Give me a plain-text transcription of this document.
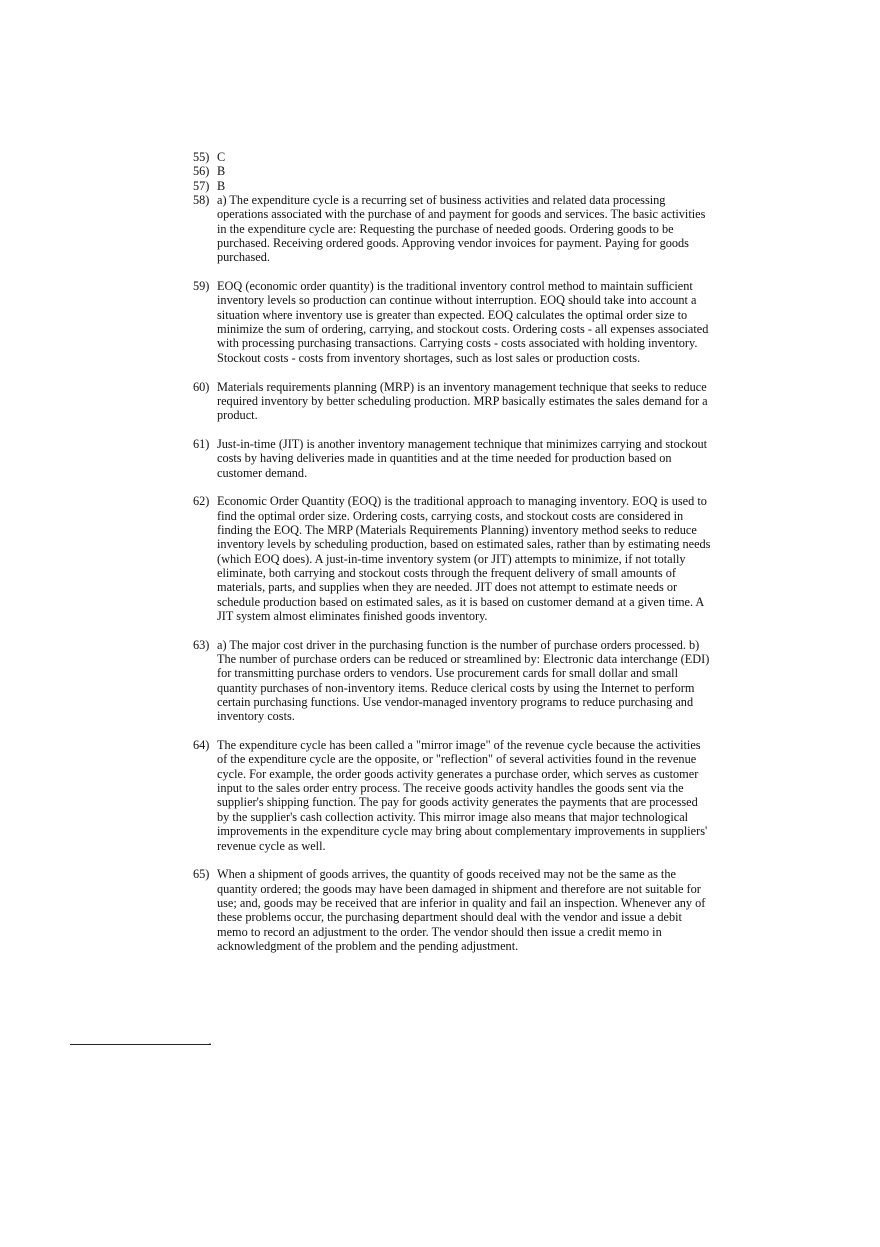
55) C
56) B
57) B
58) a) The expenditure cycle is a recurring set of business activities and related data processing operations associated with the purchase of and payment for goods and services. The basic activities in the expenditure cycle are: Requesting the purchase of needed goods. Ordering goods to be purchased. Receiving ordered goods. Approving vendor invoices for payment. Paying for goods purchased.
59) EOQ (economic order quantity) is the traditional inventory control method to maintain sufficient inventory levels so production can continue without interruption. EOQ should take into account a situation where inventory use is greater than expected. EOQ calculates the optimal order size to minimize the sum of ordering, carrying, and stockout costs. Ordering costs - all expenses associated with processing purchasing transactions. Carrying costs - costs associated with holding inventory. Stockout costs - costs from inventory shortages, such as lost sales or production costs.
60) Materials requirements planning (MRP) is an inventory management technique that seeks to reduce required inventory by better scheduling production. MRP basically estimates the sales demand for a product.
61) Just-in-time (JIT) is another inventory management technique that minimizes carrying and stockout costs by having deliveries made in quantities and at the time needed for production based on customer demand.
62) Economic Order Quantity (EOQ) is the traditional approach to managing inventory. EOQ is used to find the optimal order size. Ordering costs, carrying costs, and stockout costs are considered in finding the EOQ. The MRP (Materials Requirements Planning) inventory method seeks to reduce inventory levels by scheduling production, based on estimated sales, rather than by estimating needs (which EOQ does). A just-in-time inventory system (or JIT) attempts to minimize, if not totally eliminate, both carrying and stockout costs through the frequent delivery of small amounts of materials, parts, and supplies when they are needed. JIT does not attempt to estimate needs or schedule production based on estimated sales, as it is based on customer demand at a given time. A JIT system almost eliminates finished goods inventory.
63) a) The major cost driver in the purchasing function is the number of purchase orders processed. b) The number of purchase orders can be reduced or streamlined by: Electronic data interchange (EDI) for transmitting purchase orders to vendors. Use procurement cards for small dollar and small quantity purchases of non-inventory items. Reduce clerical costs by using the Internet to perform certain purchasing functions. Use vendor-managed inventory programs to reduce purchasing and inventory costs.
64) The expenditure cycle has been called a "mirror image" of the revenue cycle because the activities of the expenditure cycle are the opposite, or "reflection" of several activities found in the revenue cycle. For example, the order goods activity generates a purchase order, which serves as customer input to the sales order entry process. The receive goods activity handles the goods sent via the supplier's shipping function. The pay for goods activity generates the payments that are processed by the supplier's cash collection activity. This mirror image also means that major technological improvements in the expenditure cycle may bring about complementary improvements in suppliers' revenue cycle as well.
65) When a shipment of goods arrives, the quantity of goods received may not be the same as the quantity ordered; the goods may have been damaged in shipment and therefore are not suitable for use; and, goods may be received that are inferior in quality and fail an inspection. Whenever any of these problems occur, the purchasing department should deal with the vendor and issue a debit memo to record an adjustment to the order. The vendor should then issue a credit memo in acknowledgment of the problem and the pending adjustment.
.
